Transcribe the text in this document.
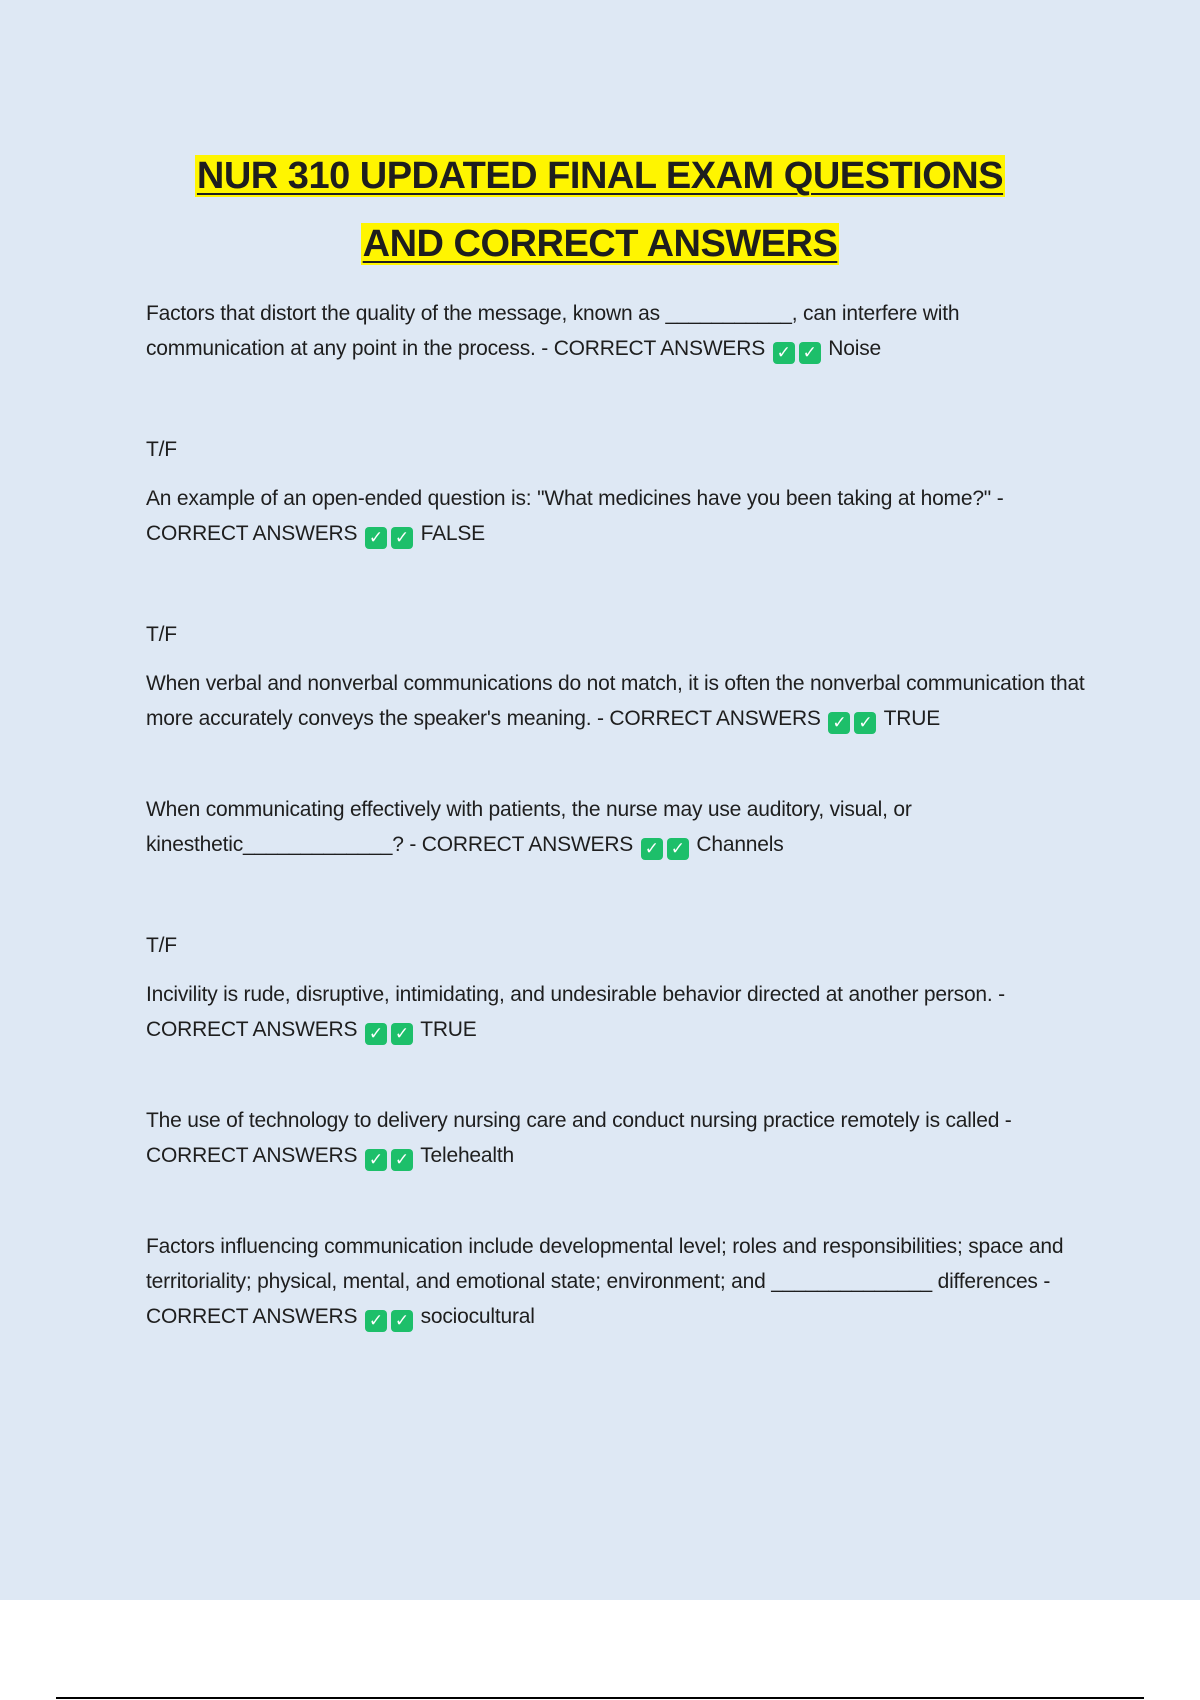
NUR 310 UPDATED FINAL EXAM QUESTIONS
AND CORRECT ANSWERS

Factors that distort the quality of the message, known as ___________, can interfere with communication at any point in the process. - CORRECT ANSWERS ✓ ✓ Noise

T/F

An example of an open-ended question is: "What medicines have you been taking at home?" - CORRECT ANSWERS ✓ ✓ FALSE

T/F

When verbal and nonverbal communications do not match, it is often the nonverbal communication that more accurately conveys the speaker's meaning. - CORRECT ANSWERS ✓ ✓ TRUE

When communicating effectively with patients, the nurse may use auditory, visual, or kinesthetic_____________? - CORRECT ANSWERS ✓ ✓ Channels

T/F

Incivility is rude, disruptive, intimidating, and undesirable behavior directed at another person. - CORRECT ANSWERS ✓ ✓ TRUE

The use of technology to delivery nursing care and conduct nursing practice remotely is called - CORRECT ANSWERS ✓ ✓ Telehealth

Factors influencing communication include developmental level; roles and responsibilities; space and territoriality; physical, mental, and emotional state; environment; and ______________ differences - CORRECT ANSWERS ✓ ✓ sociocultural
